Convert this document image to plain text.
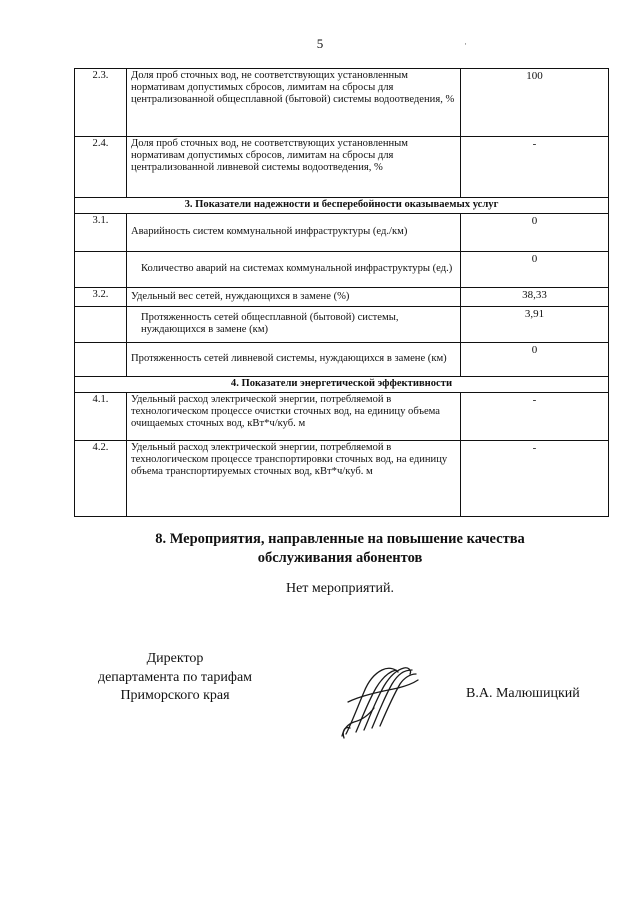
5	·
2.3.	Доля проб сточных вод, не соответствующих установленным нормативам допустимых сбросов, лимитам на сбросы для централизованной общесплавной (бытовой) системы водоотведения, %	100
2.4.	Доля проб сточных вод, не соответствующих установленным нормативам допустимых сбросов, лимитам на сбросы для централизованной ливневой системы водоотведения, %	-
3. Показатели надежности и бесперебойности оказываемых услуг		
3.1.	Аварийность систем коммунальной инфраструктуры (ед./км)	0
	Количество аварий на системах коммунальной инфраструктуры (ед.)	0
3.2.	Удельный вес сетей, нуждающихся в замене (%)	38,33
	Протяженность сетей общесплавной (бытовой) системы, нуждающихся в замене (км)	3,91
	Протяженность сетей ливневой системы, нуждающихся в замене (км)	0
4. Показатели энергетической эффективности		
4.1.	Удельный расход электрической энергии, потребляемой в технологическом процессе очистки сточных вод, на единицу объема очищаемых сточных вод, кВт*ч/куб. м	-
4.2.	Удельный расход электрической энергии, потребляемой в технологическом процессе транспортировки сточных вод, на единицу объема транспортируемых сточных вод, кВт*ч/куб. м	-
8. Мероприятия, направленные на повышение качества
обслуживания абонентов
Нет мероприятий.
Директор
департамента по тарифам
Приморского края	В.А. Малюшицкий
